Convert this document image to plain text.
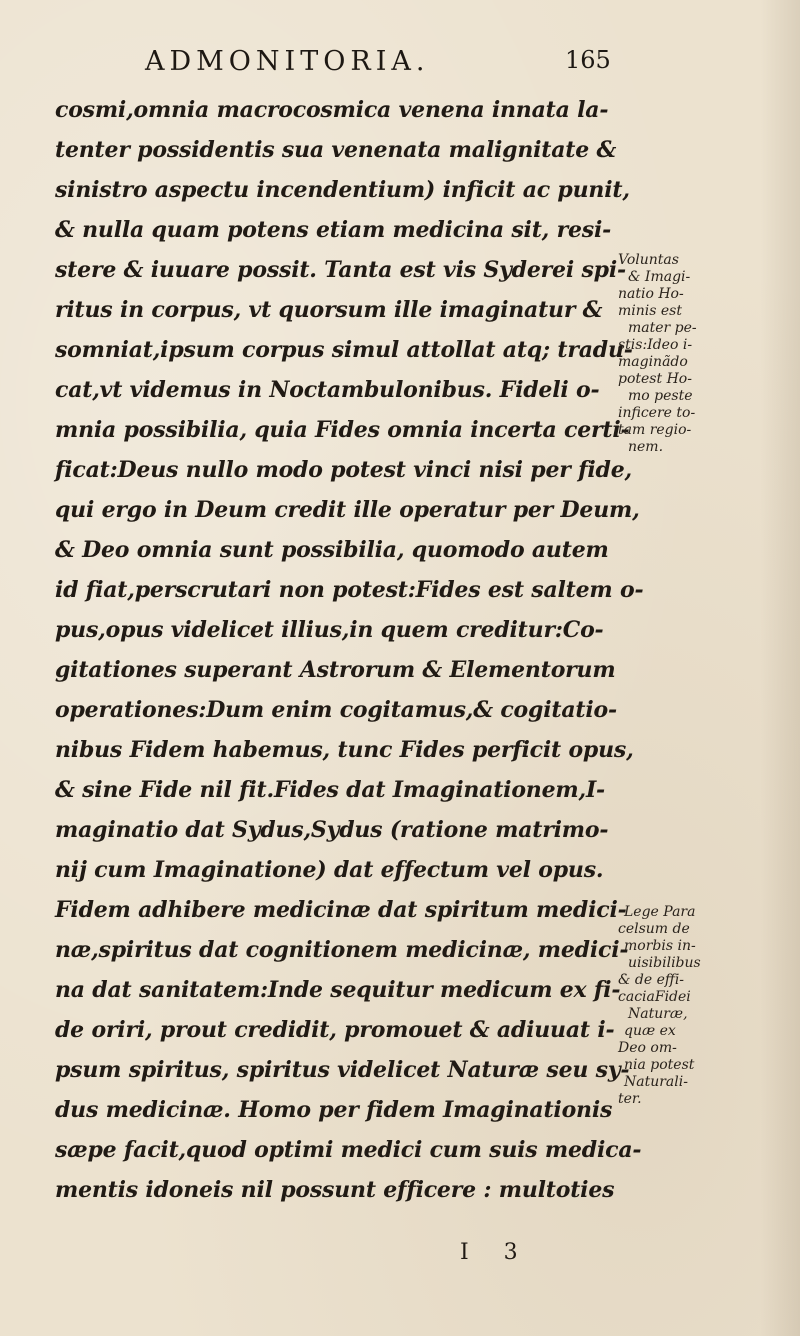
ADMONITORIA.	165
cosmi,omnia macrocosmica venena innata la-
tenter possidentis sua venenata malignitate &
sinistro aspectu incendentium) inficit ac punit,
& nulla quam potens etiam medicina sit, resi-
stere & iuuare possit. Tanta est vis Syderei spi-
ritus in corpus, vt quorsum ille imaginatur &
somniat,ipsum corpus simul attollat atq; tradu-
cat,vt videmus in Noctambulonibus. Fideli o-
mnia possibilia, quia Fides omnia incerta certi-
ficat:Deus nullo modo potest vinci nisi per fide,
qui ergo in Deum credit ille operatur per Deum,
& Deo omnia sunt possibilia, quomodo autem
id fiat,perscrutari non potest:Fides est saltem o-
pus,opus videlicet illius,in quem creditur:Co-
gitationes superant Astrorum & Elementorum
operationes:Dum enim cogitamus,& cogitatio-
nibus Fidem habemus, tunc Fides perficit opus,
& sine Fide nil fit.Fides dat Imaginationem,I-
maginatio dat Sydus,Sydus (ratione matrimo-
nij cum Imaginatione) dat effectum vel opus.
Fidem adhibere medicinæ dat spiritum medici-
næ,spiritus dat cognitionem medicinæ, medici-
na dat sanitatem:Inde sequitur medicum ex fi-
de oriri, prout credidit, promouet & adiuuat i-
psum spiritus, spiritus videlicet Naturæ seu sy-
dus medicinæ. Homo per fidem Imaginationis
sæpe facit,quod optimi medici cum suis medica-
mentis idoneis nil possunt efficere : multoties
Voluntas
& Imagi-
natio Ho-
minis est
mater pe-
stis:Ideo i-
maginãdo
potest Ho-
mo peste
inficere to-
tam regio-
nem.
Lege Para
celsum de
morbis in-
uisibilibus
& de effi-
caciaFidei
Naturæ,
quæ ex
Deo om-
nia potest
Naturali-
ter.
I 3
